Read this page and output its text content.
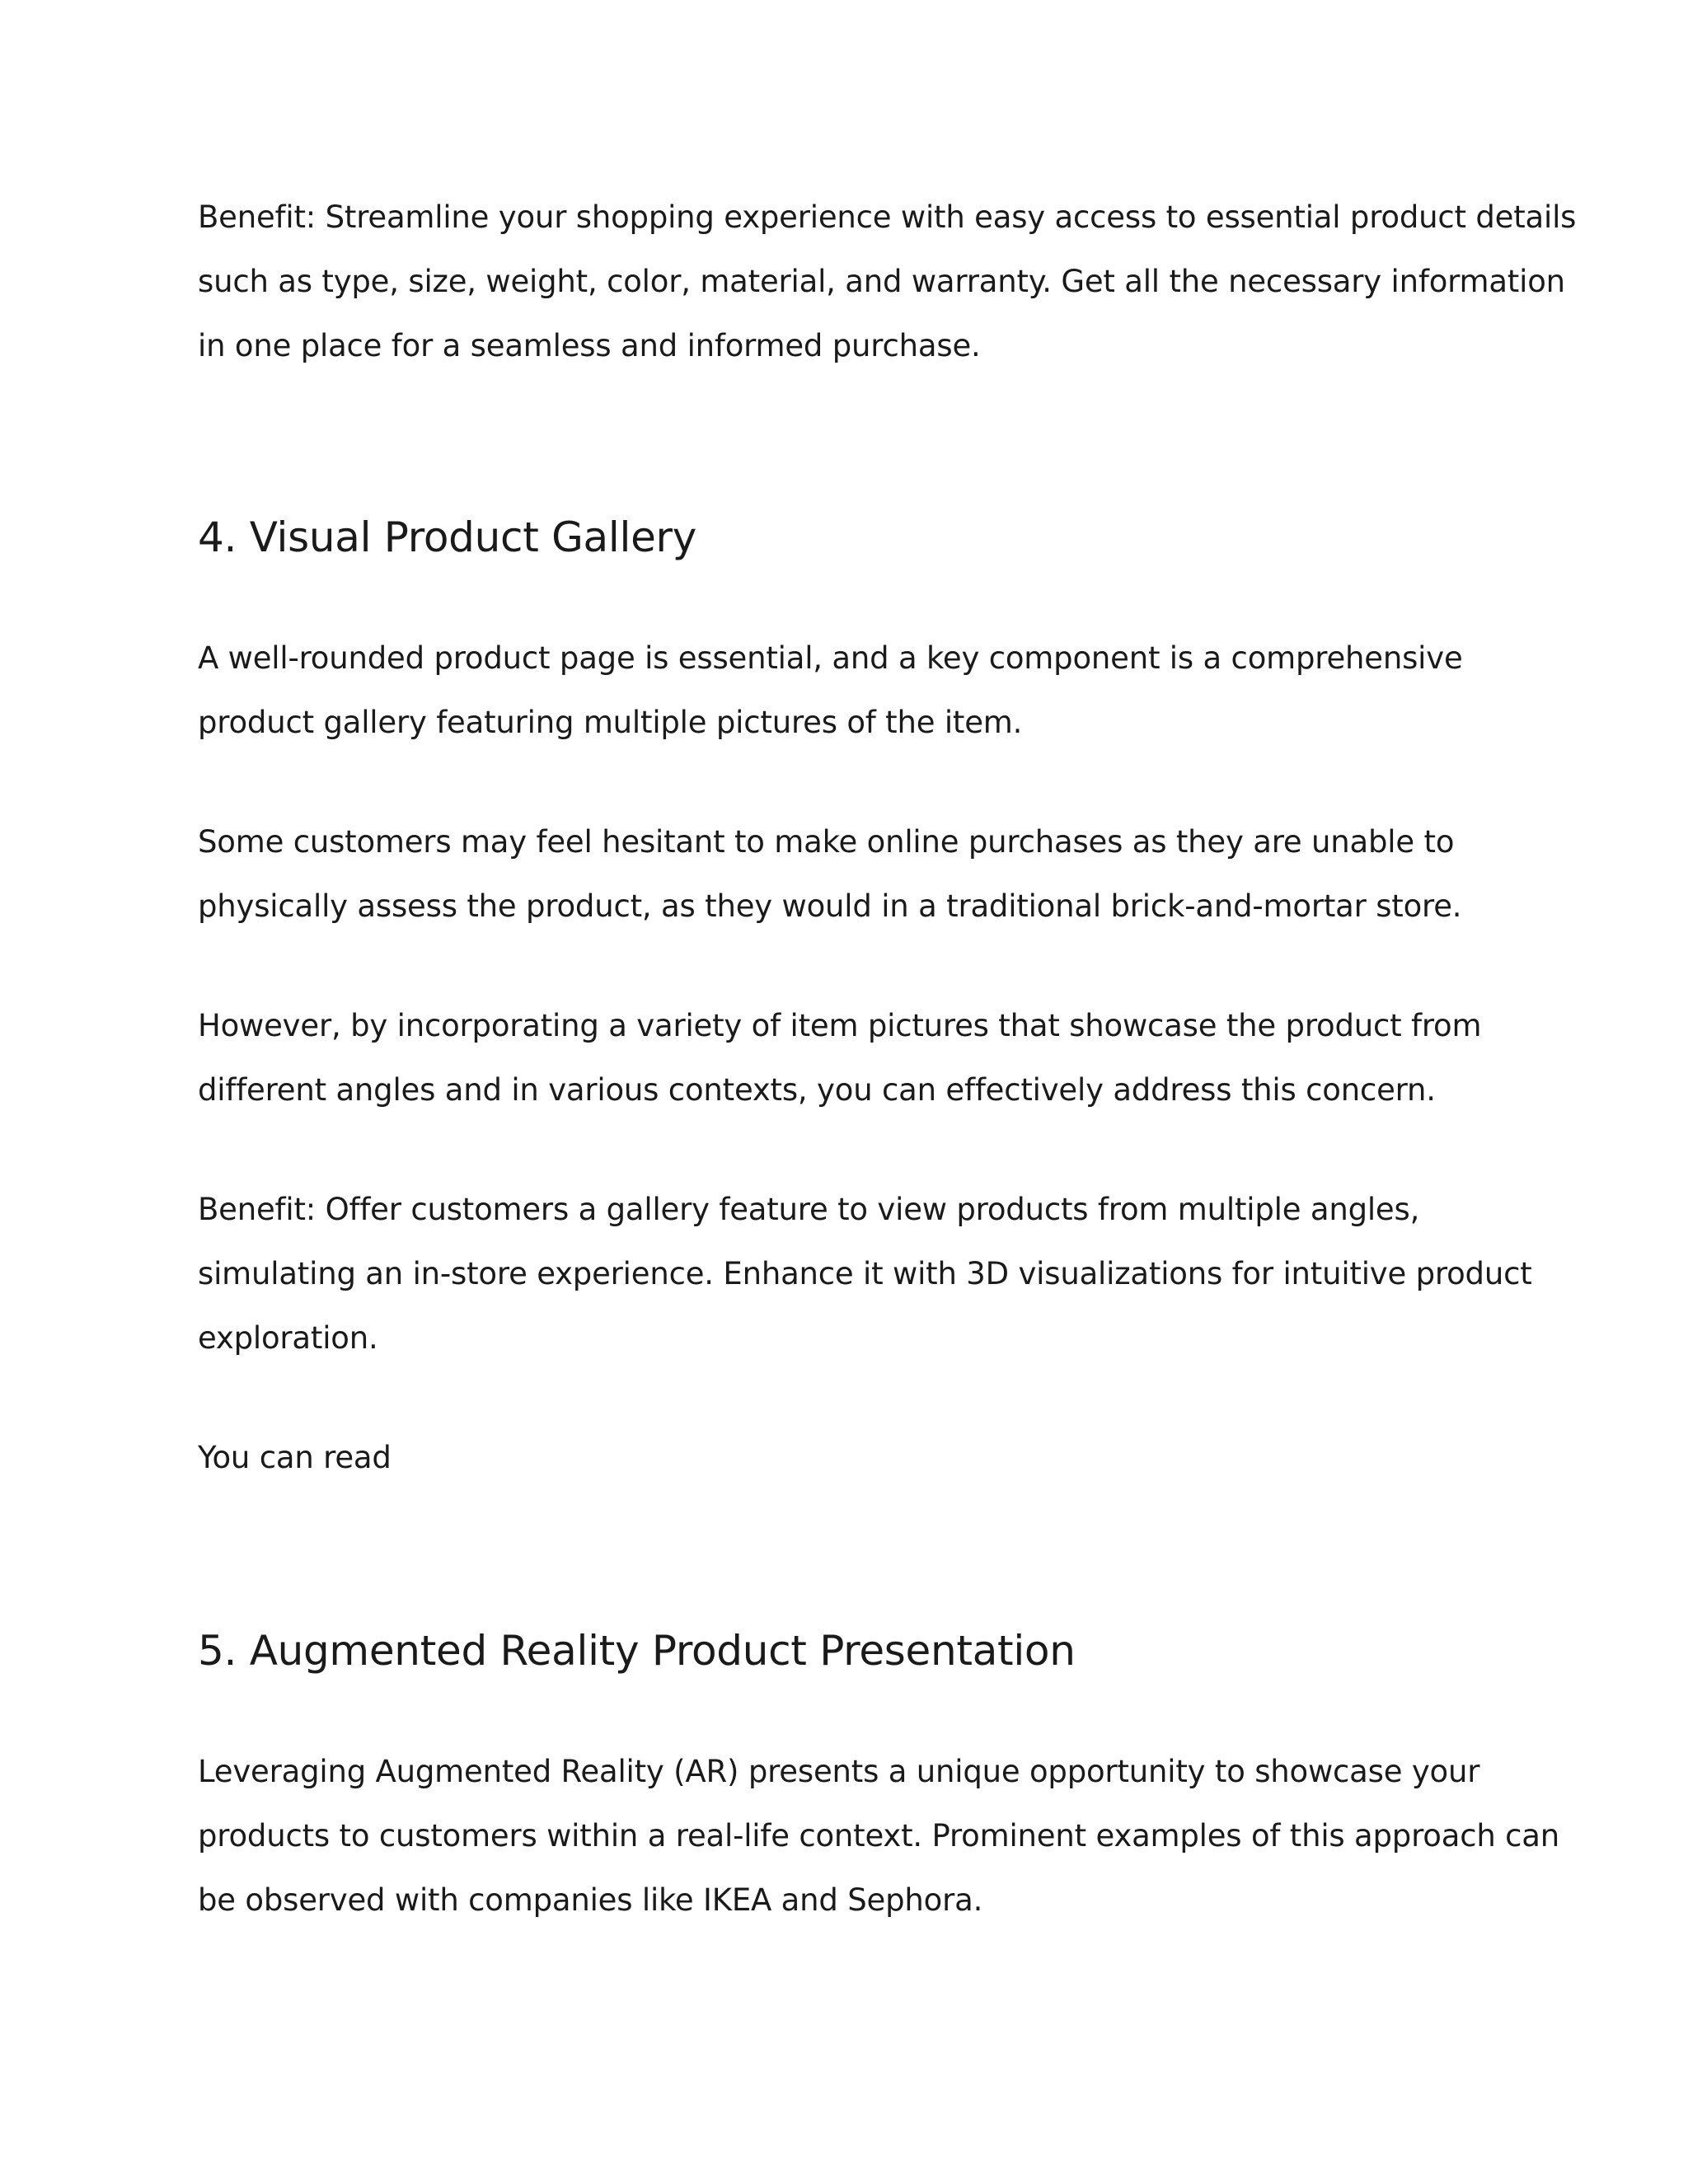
Benefit: Streamline your shopping experience with easy access to essential product details
such as type, size, weight, color, material, and warranty. Get all the necessary information
in one place for a seamless and informed purchase.

4. Visual Product Gallery

A well-rounded product page is essential, and a key component is a comprehensive
product gallery featuring multiple pictures of the item.

Some customers may feel hesitant to make online purchases as they are unable to
physically assess the product, as they would in a traditional brick-and-mortar store.

However, by incorporating a variety of item pictures that showcase the product from
different angles and in various contexts, you can effectively address this concern.

Benefit: Offer customers a gallery feature to view products from multiple angles,
simulating an in-store experience. Enhance it with 3D visualizations for intuitive product
exploration.

You can read

5. Augmented Reality Product Presentation

Leveraging Augmented Reality (AR) presents a unique opportunity to showcase your
products to customers within a real-life context. Prominent examples of this approach can
be observed with companies like IKEA and Sephora.
